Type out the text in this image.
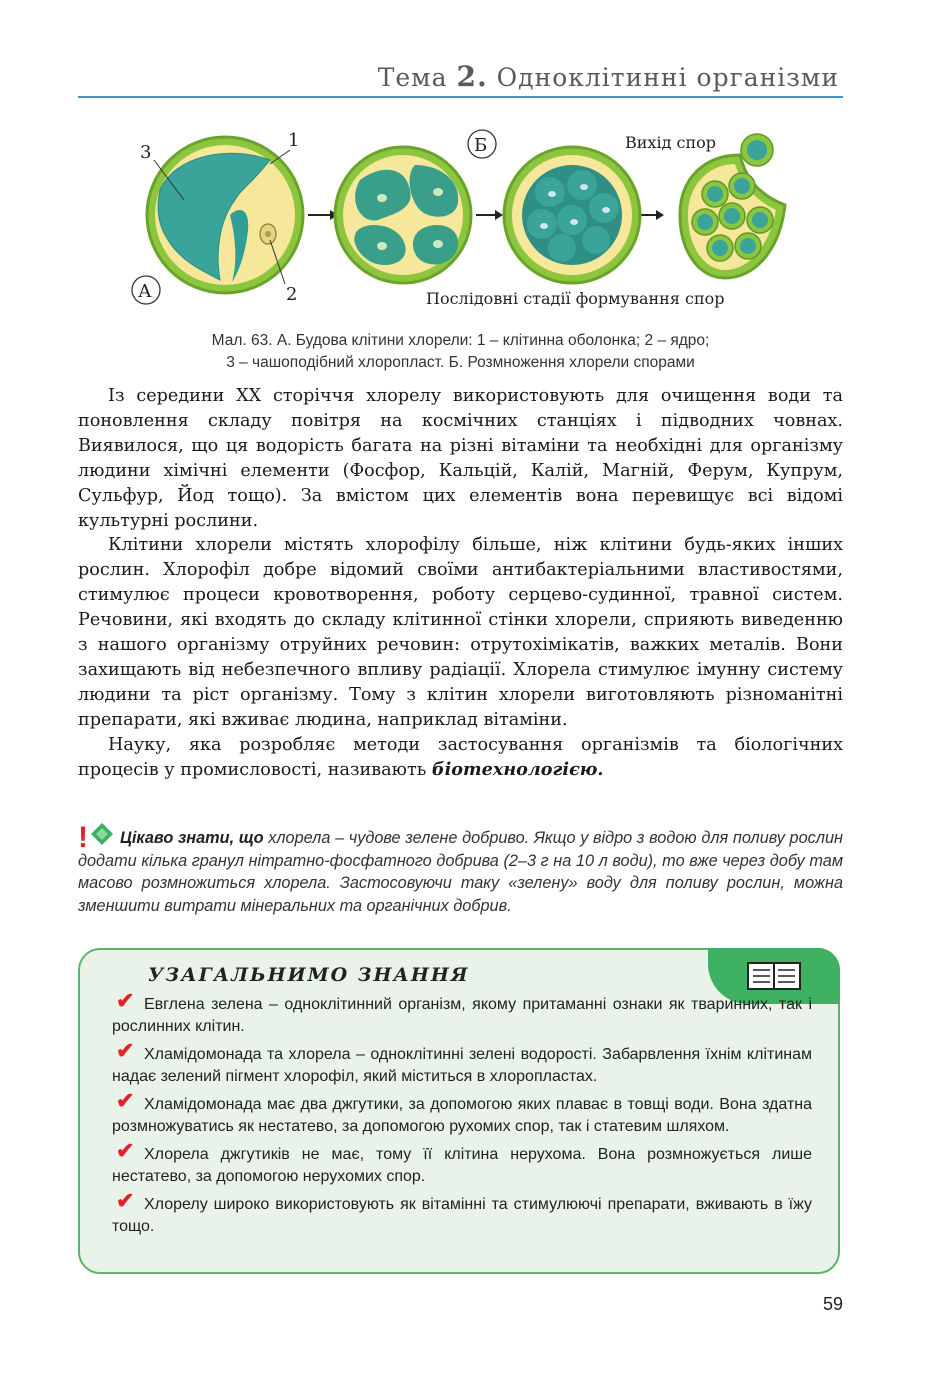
Тема 2. Одноклітинні організми
3
1
2
А
Б	Вихід спор
Послідовні стадії формування спор
Мал. 63. А. Будова клітини хлорели: 1 – клітинна оболонка; 2 – ядро;
3 – чашоподібний хлоропласт. Б. Розмноження хлорели спорами

Із середини XX сторіччя хлорелу використовують для очищення води та поновлення складу повітря на космічних станціях і підводних човнах. Виявилося, що ця водорість багата на різні вітаміни та необхідні для організму людини хімічні елементи (Фосфор, Кальцій, Калій, Магній, Ферум, Купрум, Сульфур, Йод тощо). За вмістом цих елементів вона перевищує всі відомі культурні рослини.

Клітини хлорели містять хлорофілу більше, ніж клітини будь-яких інших рослин. Хлорофіл добре відомий своїми антибактеріальними властивостями, стимулює процеси кровотворення, роботу серцево-судинної, травної систем. Речовини, які входять до складу клітинної стінки хлорели, сприяють виведенню з нашого організму отруйних речовин: отрутохімікатів, важких металів. Вони захищають від небезпечного впливу радіації. Хлорела стимулює імунну систему людини та ріст організму. Тому з клітин хлорели виготовляють різноманітні препарати, які вживає людина, наприклад вітаміни.

Науку, яка розробляє методи застосування організмів та біологічних процесів у промисловості, називають біотехнологією.

! Цікаво знати, що хлорела – чудове зелене добриво. Якщо у відро з водою для поливу рослин додати кілька гранул нітратно-фосфатного добрива (2–3 г на 10 л води), то вже через добу там масово розмножиться хлорела. Застосовуючи таку «зелену» воду для поливу рослин, можна зменшити витрати мінеральних та органічних добрив.
УЗАГАЛЬНИМО ЗНАННЯ
✔ Евглена зелена – одноклітинний організм, якому притаманні ознаки як тваринних, так і рослинних клітин.
✔ Хламідомонада та хлорела – одноклітинні зелені водорості. Забарвлення їхнім клітинам надає зелений пігмент хлорофіл, який міститься в хлоропластах.
✔ Хламідомонада має два джгутики, за допомогою яких плаває в товщі води. Вона здатна розмножуватись як нестатево, за допомогою рухомих спор, так і статевим шляхом.
✔ Хлорела джгутиків не має, тому її клітина нерухома. Вона розмножується лише нестатево, за допомогою нерухомих спор.
✔ Хлорелу широко використовують як вітамінні та стимулюючі препарати, вживають в їжу тощо.
59
